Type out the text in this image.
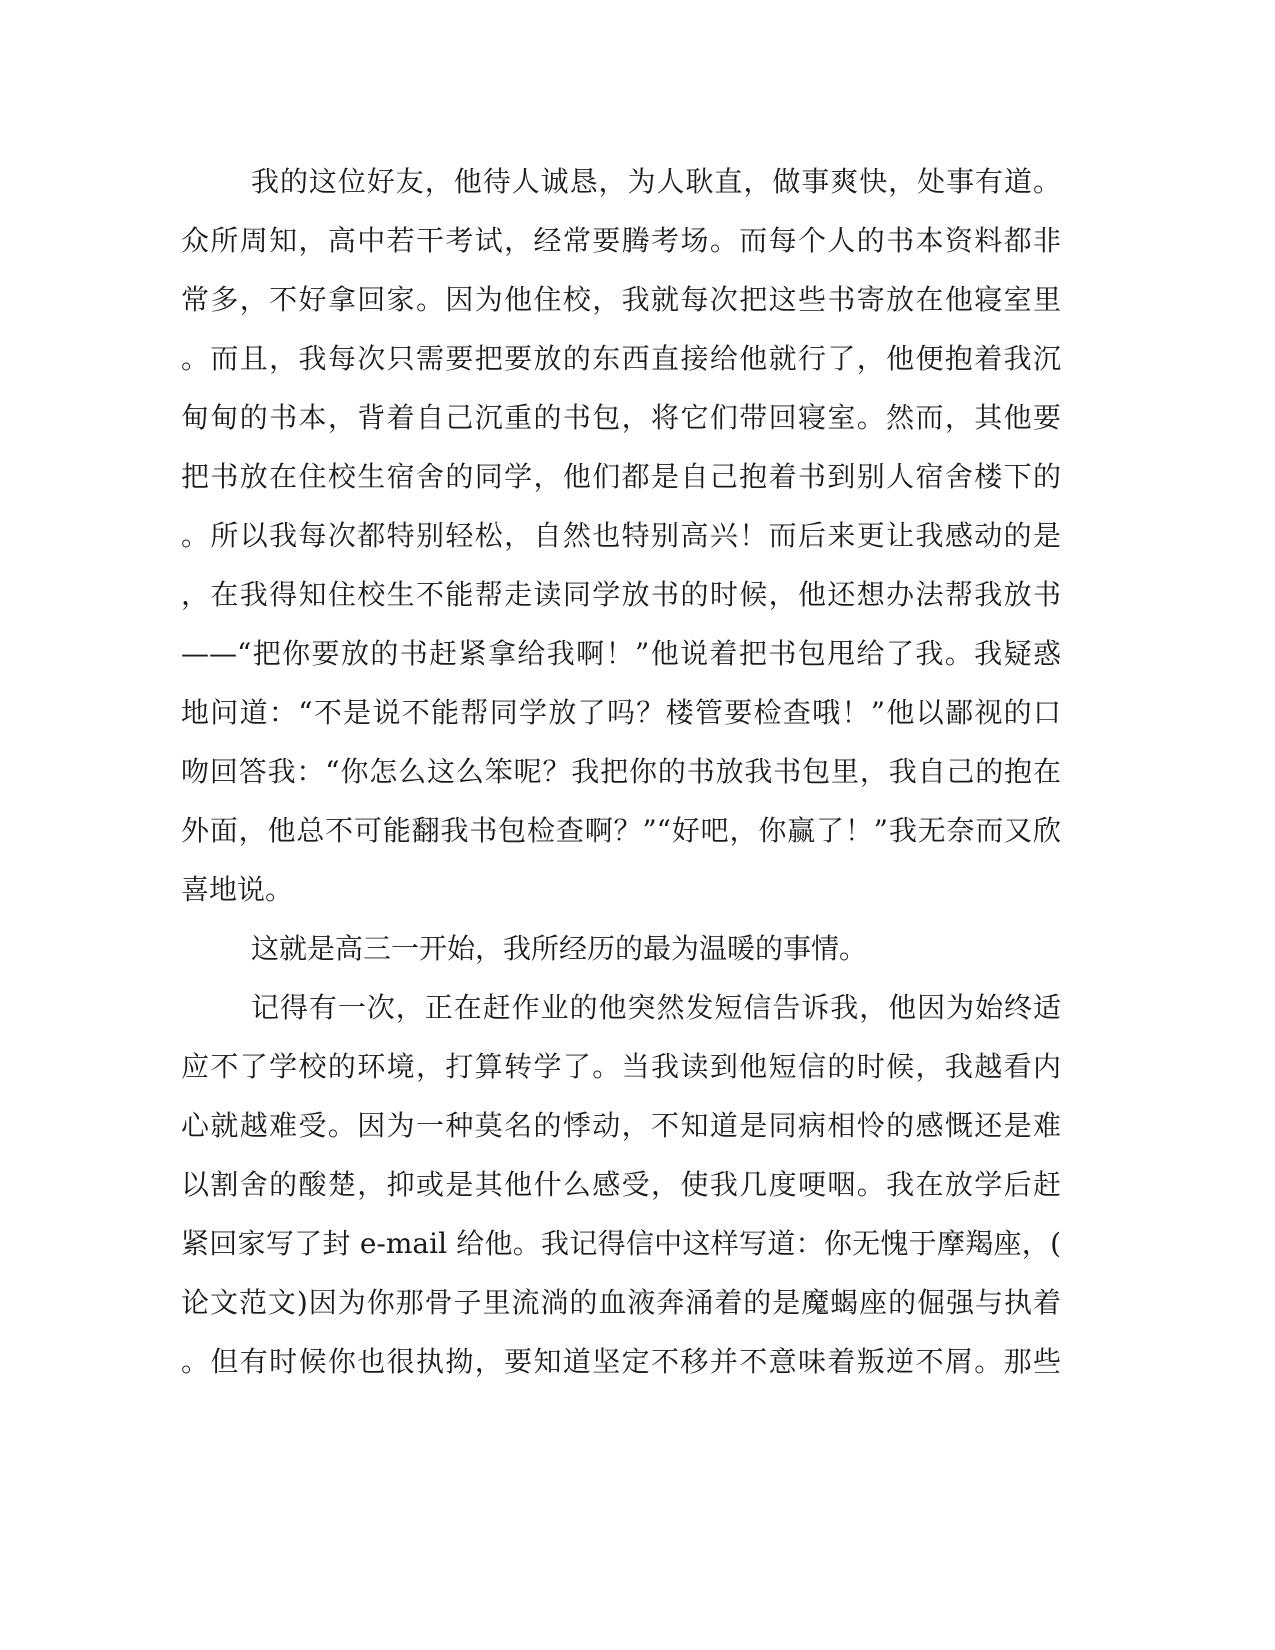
我的这位好友，他待人诚恳，为人耿直，做事爽快，处事有道。

众所周知，高中若干考试，经常要腾考场。而每个人的书本资料都非

常多，不好拿回家。因为他住校，我就每次把这些书寄放在他寝室里

。而且，我每次只需要把要放的东西直接给他就行了，他便抱着我沉

甸甸的书本，背着自己沉重的书包，将它们带回寝室。然而，其他要

把书放在住校生宿舍的同学，他们都是自己抱着书到别人宿舍楼下的

。所以我每次都特别轻松，自然也特别高兴！而后来更让我感动的是

，在我得知住校生不能帮走读同学放书的时候，他还想办法帮我放书

——“把你要放的书赶紧拿给我啊！”他说着把书包甩给了我。我疑惑

地问道：“不是说不能帮同学放了吗？楼管要检查哦！”他以鄙视的口

吻回答我：“你怎么这么笨呢？我把你的书放我书包里，我自己的抱在

外面，他总不可能翻我书包检查啊？”“好吧，你赢了！”我无奈而又欣

喜地说。

这就是高三一开始，我所经历的最为温暖的事情。

记得有一次，正在赶作业的他突然发短信告诉我，他因为始终适

应不了学校的环境，打算转学了。当我读到他短信的时候，我越看内

心就越难受。因为一种莫名的悸动，不知道是同病相怜的感慨还是难

以割舍的酸楚，抑或是其他什么感受，使我几度哽咽。我在放学后赶

紧回家写了封 e-mail 给他。我记得信中这样写道：你无愧于摩羯座，(

论文范文)因为你那骨子里流淌的血液奔涌着的是魔蝎座的倔强与执着

。但有时候你也很执拗，要知道坚定不移并不意味着叛逆不屑。那些
